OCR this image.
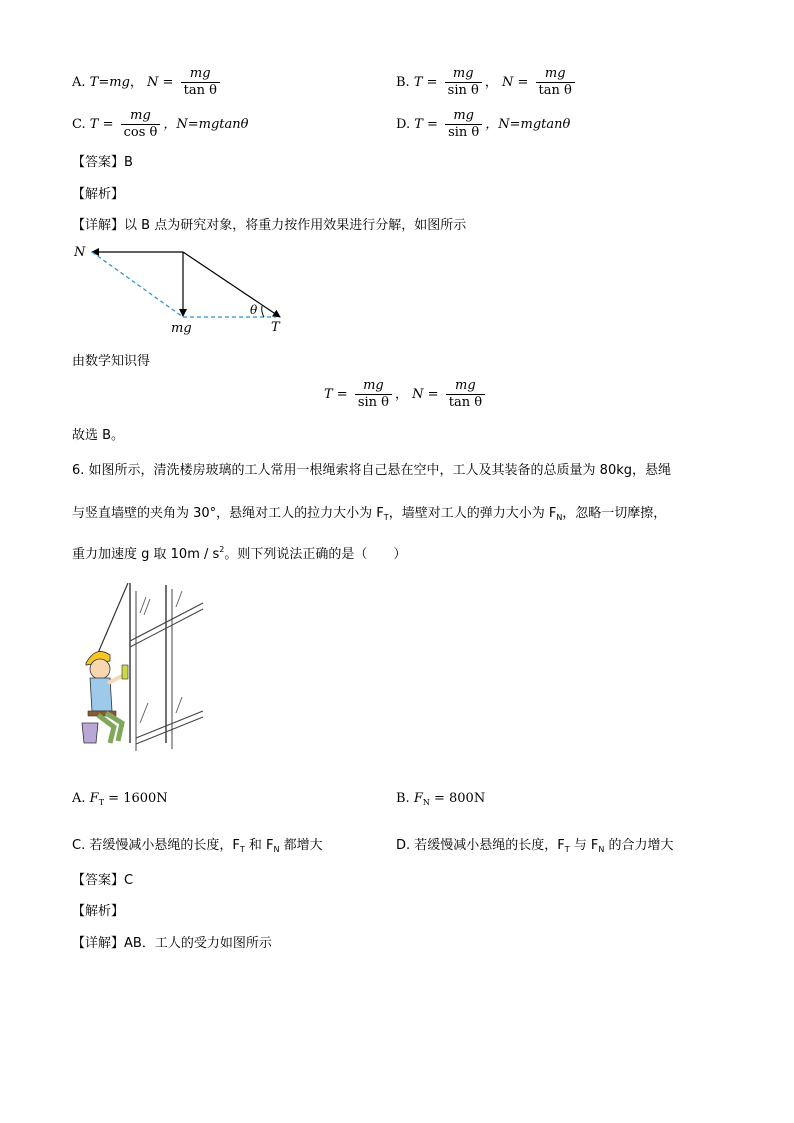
A. T=mg， $N = \frac{mg}{\text{tan θ}}$	B. $T = \frac{mg}{\text{sin θ}}$ ， $N = \frac{mg}{\text{tan θ}}$
C. $T = \frac{mg}{\text{cos θ}}$ ，N=mgtanθ	D. $T = \frac{mg}{\text{sin θ}}$ ，N=mgtanθ
【答案】B
【解析】
【详解】以 B 点为研究对象，将重力按作用效果进行分解，如图所示
N
mg
θ
T
由数学知识得
$T = \frac{mg}{\text{sin θ}}$ ， $N = \frac{mg}{\text{tan θ}}$
故选 B。
6. 如图所示，清洗楼房玻璃的工人常用一根绳索将自己悬在空中，工人及其装备的总质量为 80kg，悬绳
与竖直墙壁的夹角为 30°，悬绳对工人的拉力大小为 $F_T$，墙壁对工人的弹力大小为 $F_N$，忽略一切摩擦，
重力加速度 g 取 $10m / s^2$。则下列说法正确的是（　　）
A. $F_T = 1600N$	B. $F_N = 800N$
C. 若缓慢减小悬绳的长度，$F_T$ 和 $F_N$ 都增大	D. 若缓慢减小悬绳的长度，$F_T$ 与 $F_N$ 的合力增大
【答案】C
【解析】
【详解】AB．工人的受力如图所示
